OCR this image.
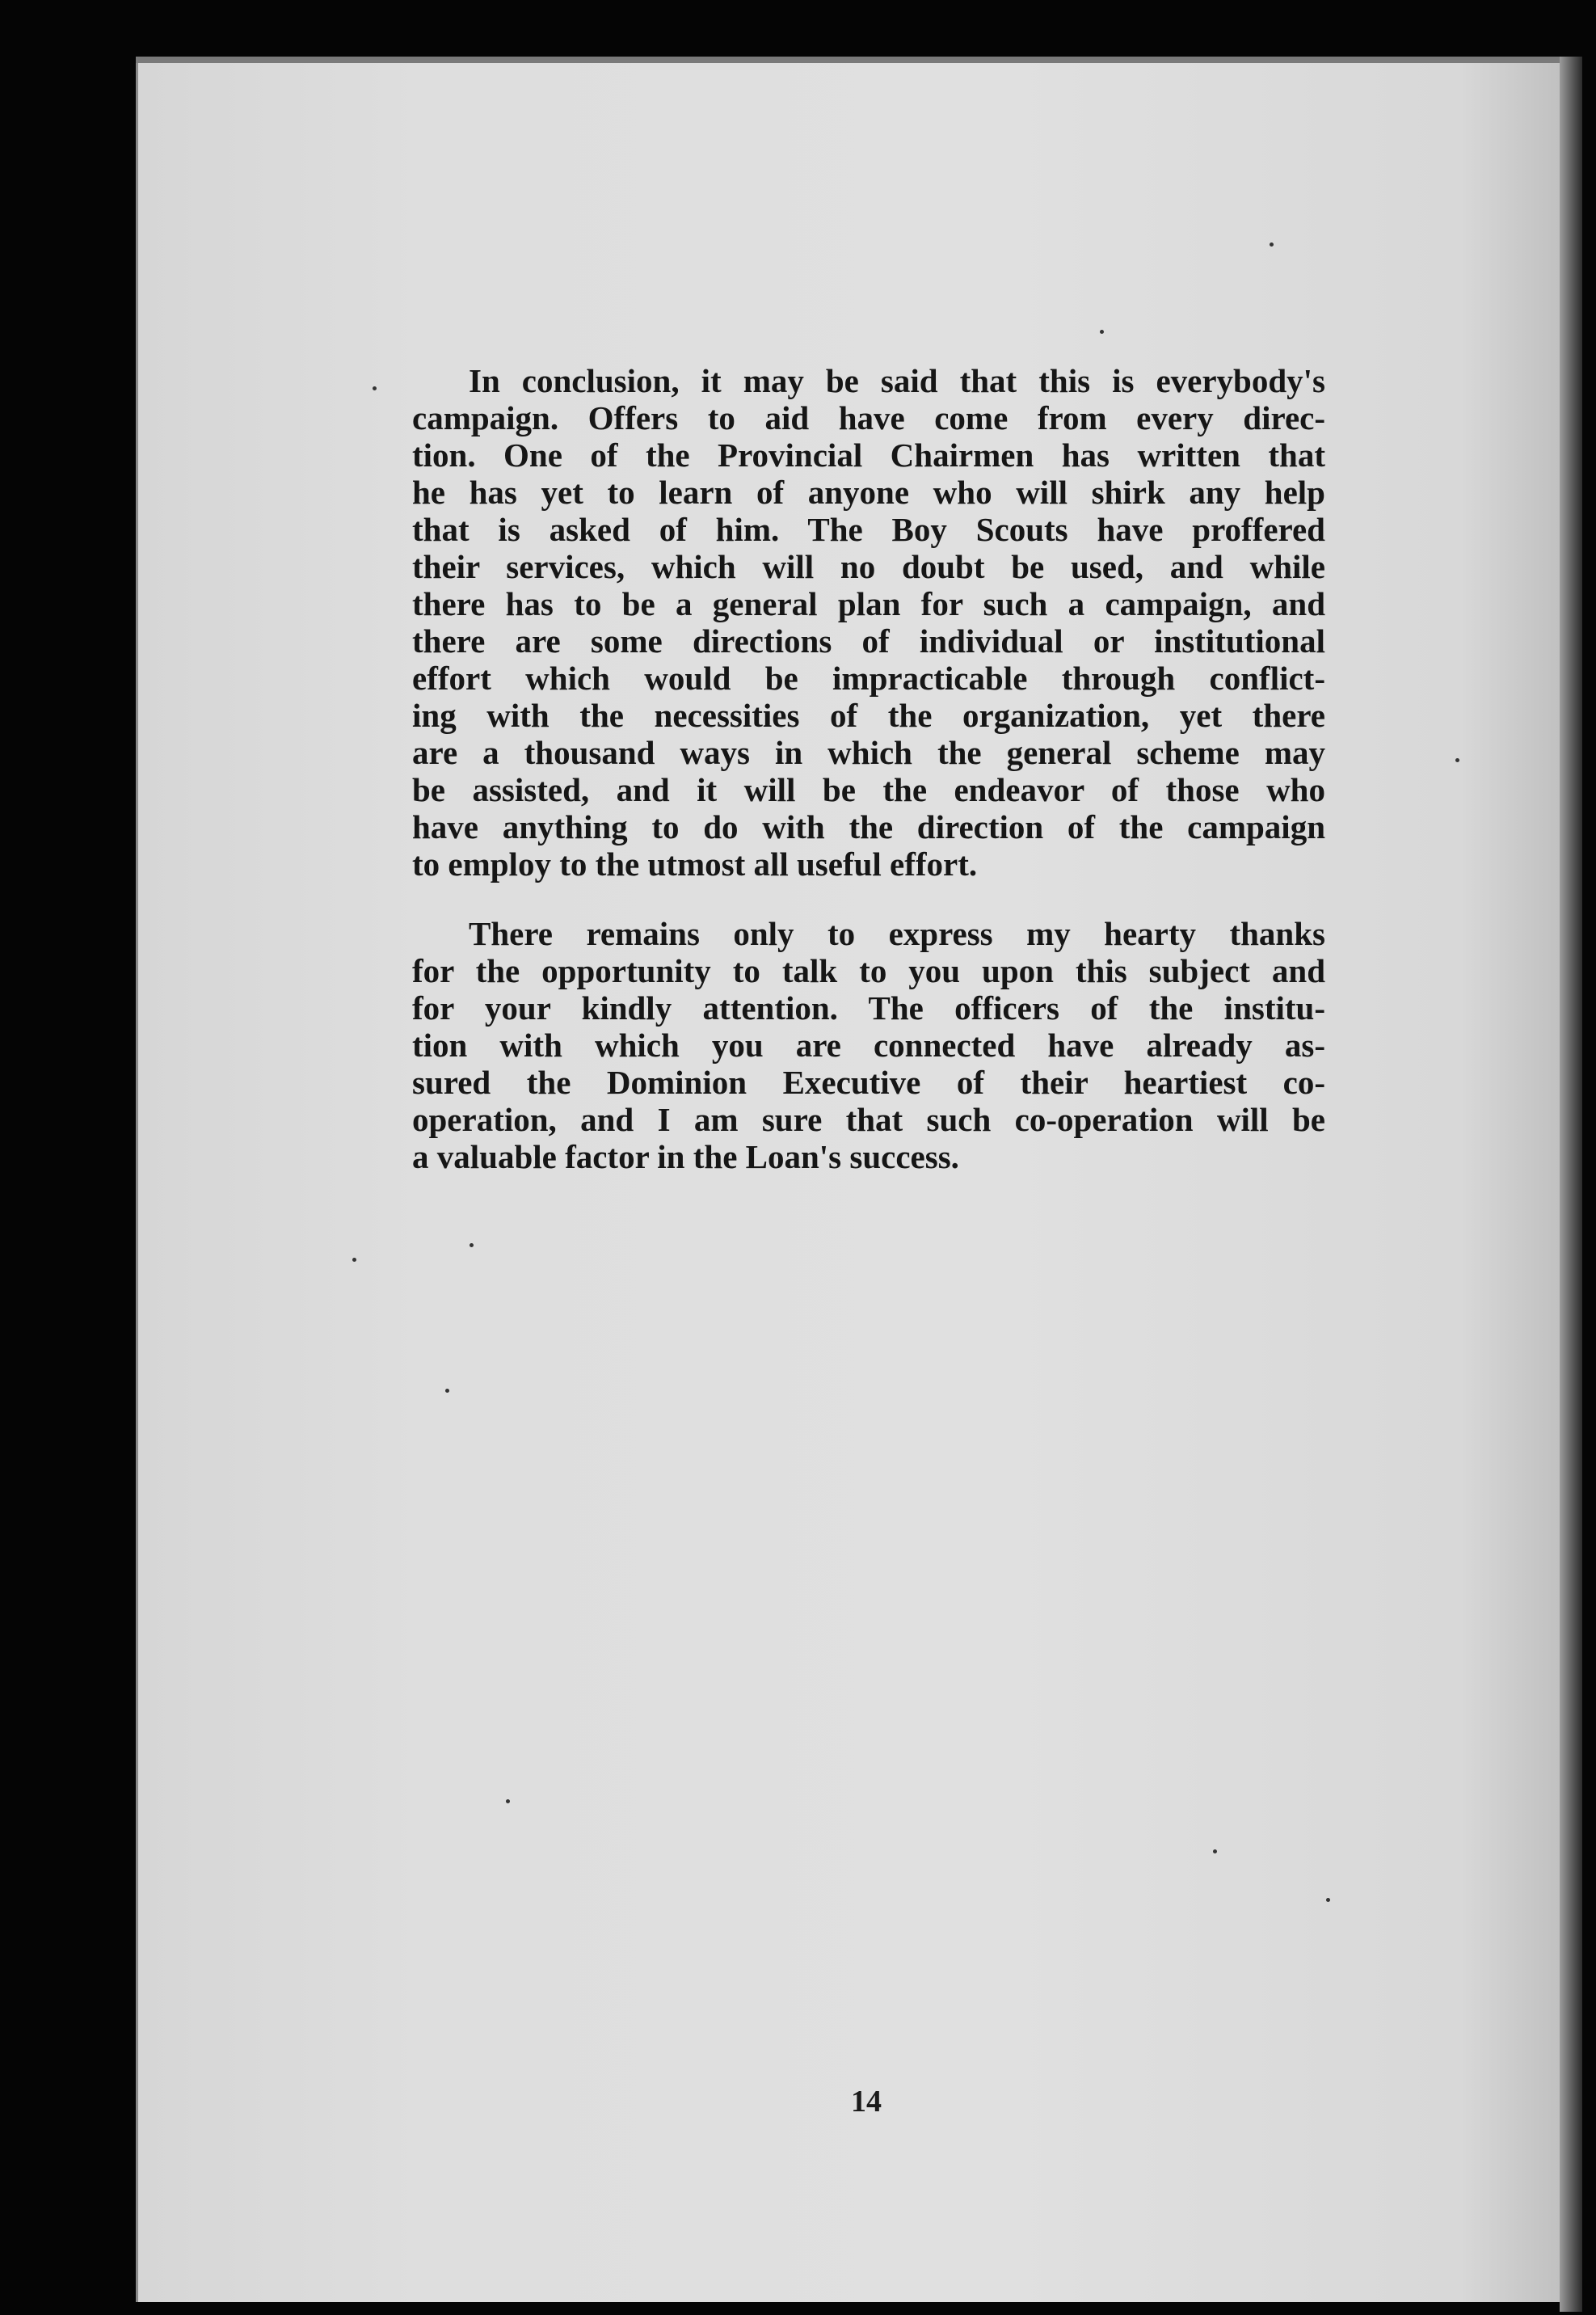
In conclusion, it may be said that this is everybody's
campaign. Offers to aid have come from every direc-
tion. One of the Provincial Chairmen has written that
he has yet to learn of anyone who will shirk any help
that is asked of him. The Boy Scouts have proffered
their services, which will no doubt be used, and while
there has to be a general plan for such a campaign, and
there are some directions of individual or institutional
effort which would be impracticable through conflict-
ing with the necessities of the organization, yet there
are a thousand ways in which the general scheme may
be assisted, and it will be the endeavor of those who
have anything to do with the direction of the campaign
to employ to the utmost all useful effort.
There remains only to express my hearty thanks
for the opportunity to talk to you upon this subject and
for your kindly attention. The officers of the institu-
tion with which you are connected have already as-
sured the Dominion Executive of their heartiest co-
operation, and I am sure that such co-operation will be
a valuable factor in the Loan's success.
14
